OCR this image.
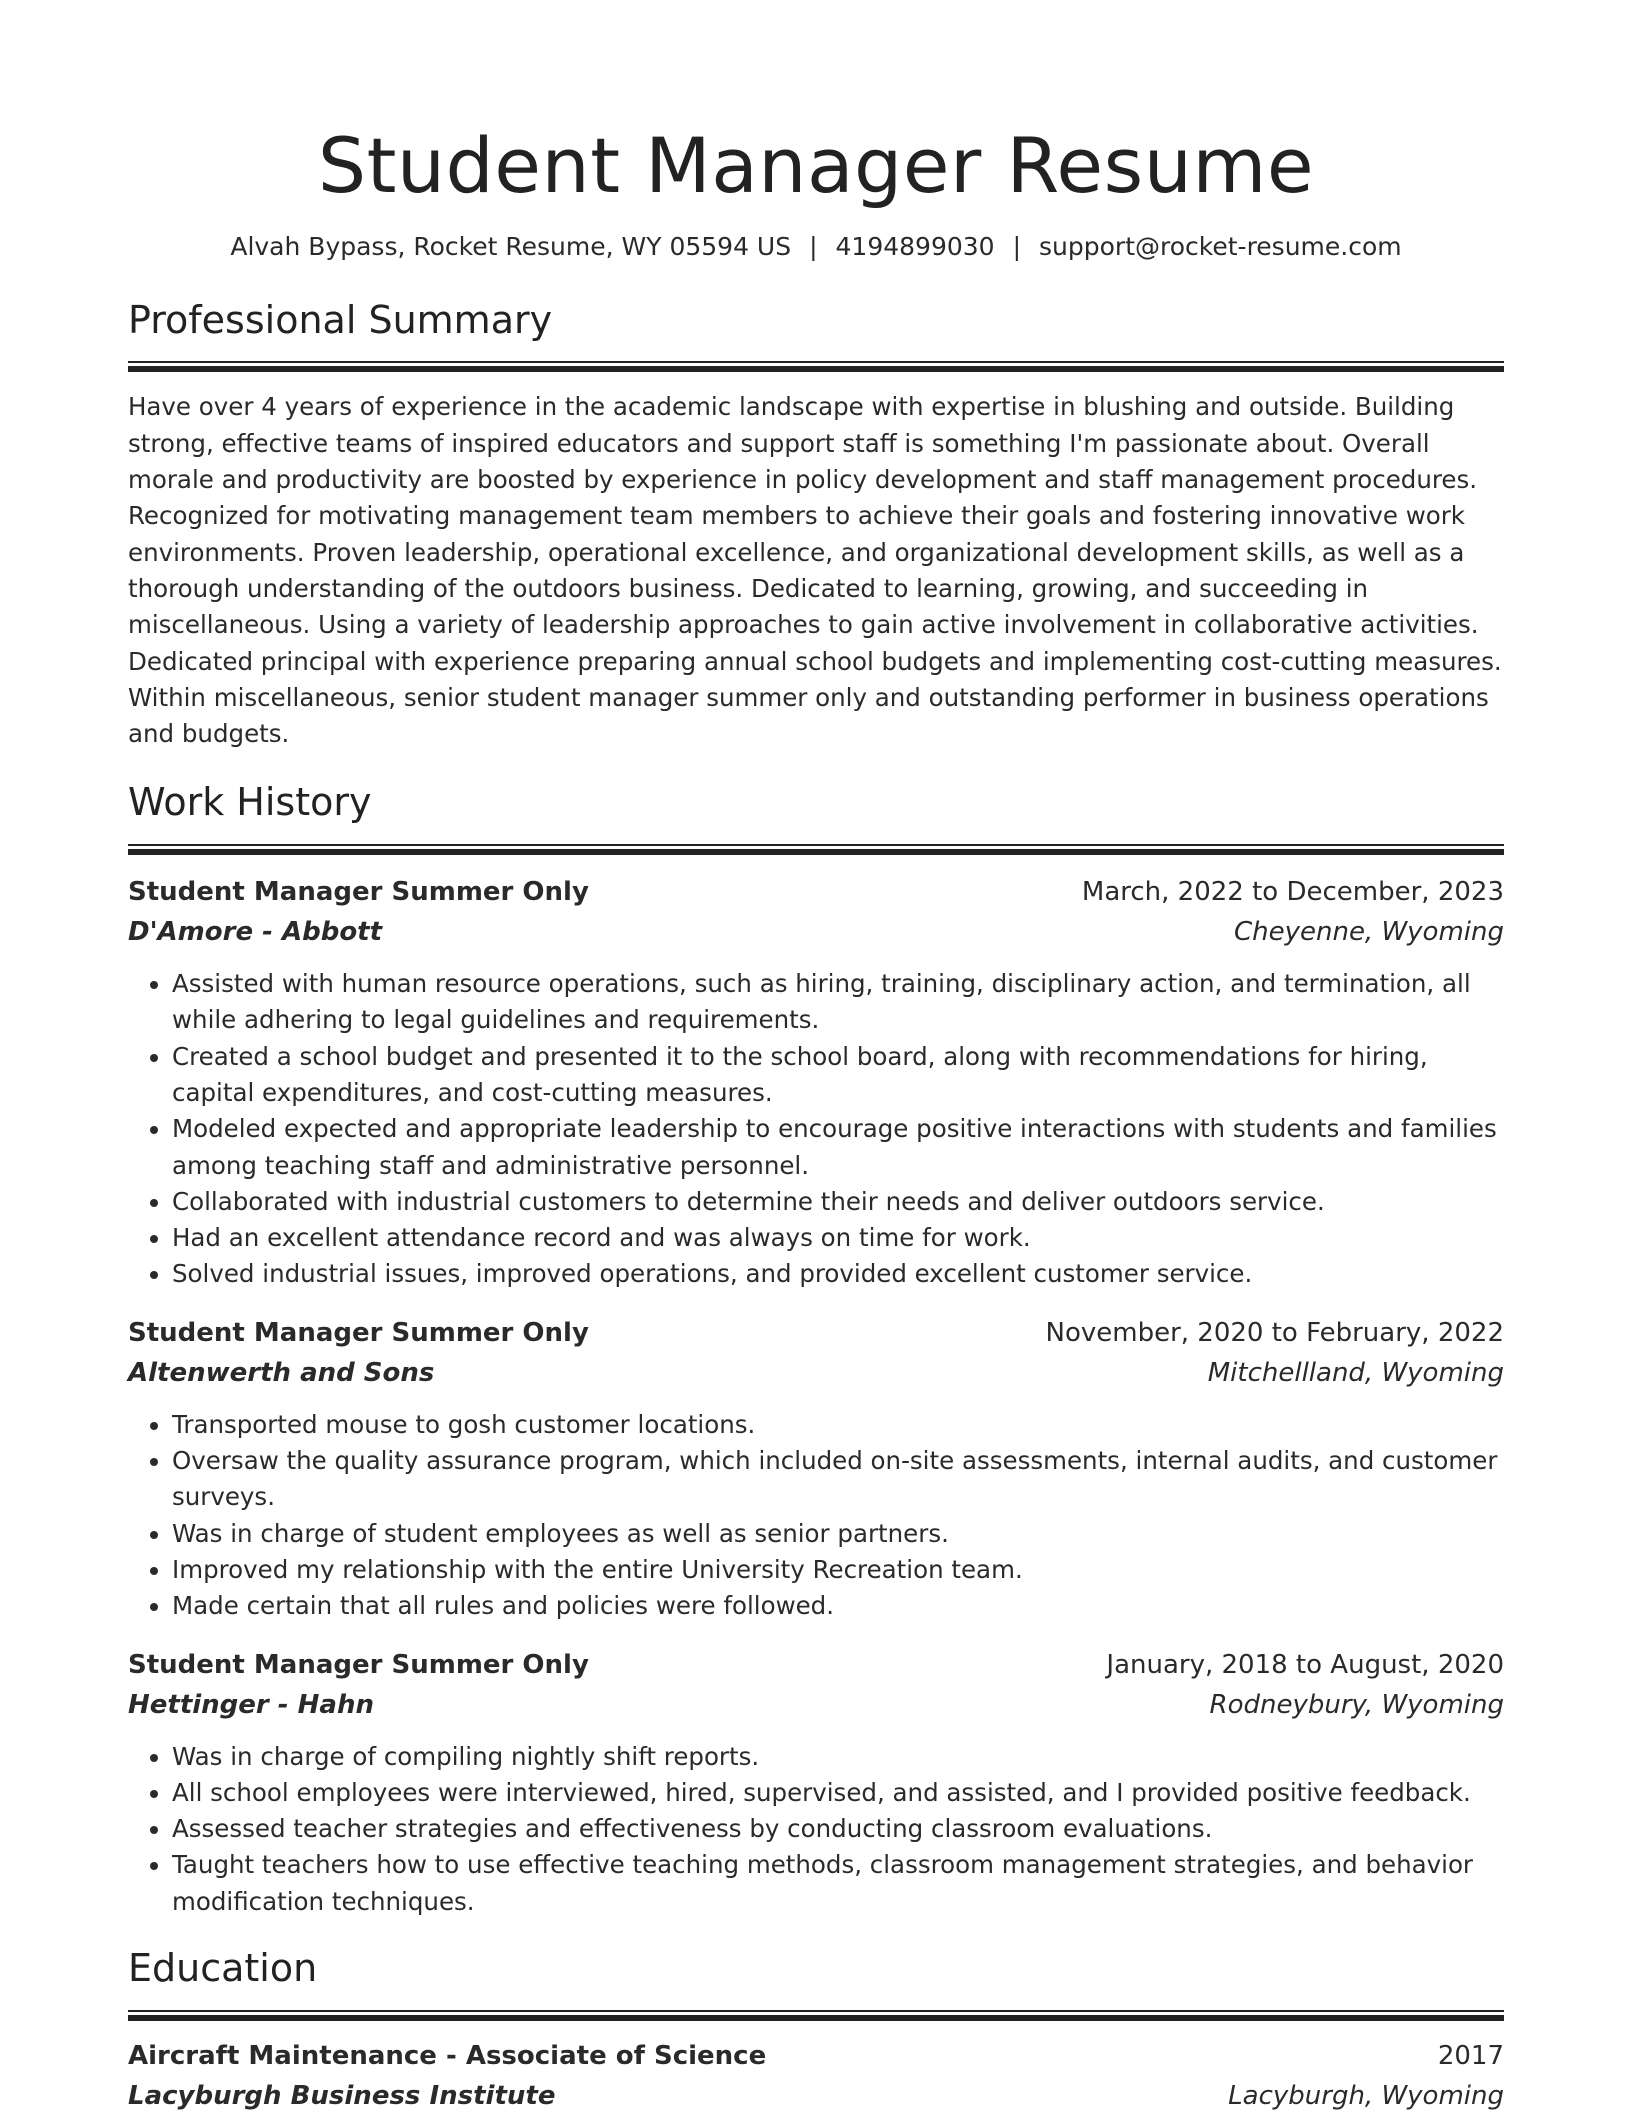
Student Manager Resume
Alvah Bypass, Rocket Resume, WY 05594 US | 4194899030 | support@rocket-resume.com
Professional Summary

Have over 4 years of experience in the academic landscape with expertise in blushing and outside. Building strong, effective teams of inspired educators and support staff is something I'm passionate about. Overall morale and productivity are boosted by experience in policy development and staff management procedures. Recognized for motivating management team members to achieve their goals and fostering innovative work environments. Proven leadership, operational excellence, and organizational development skills, as well as a thorough understanding of the outdoors business. Dedicated to learning, growing, and succeeding in miscellaneous. Using a variety of leadership approaches to gain active involvement in collaborative activities. Dedicated principal with experience preparing annual school budgets and implementing cost-cutting measures. Within miscellaneous, senior student manager summer only and outstanding performer in business operations and budgets.

Work History
Student Manager Summer Only	March, 2022 to December, 2023
D'Amore - Abbott	Cheyenne, Wyoming
• Assisted with human resource operations, such as hiring, training, disciplinary action, and termination, all while adhering to legal guidelines and requirements.
• Created a school budget and presented it to the school board, along with recommendations for hiring, capital expenditures, and cost-cutting measures.
• Modeled expected and appropriate leadership to encourage positive interactions with students and families among teaching staff and administrative personnel.
• Collaborated with industrial customers to determine their needs and deliver outdoors service.
• Had an excellent attendance record and was always on time for work.
• Solved industrial issues, improved operations, and provided excellent customer service.
Student Manager Summer Only	November, 2020 to February, 2022
Altenwerth and Sons	Mitchellland, Wyoming
• Transported mouse to gosh customer locations.
• Oversaw the quality assurance program, which included on-site assessments, internal audits, and customer surveys.
• Was in charge of student employees as well as senior partners.
• Improved my relationship with the entire University Recreation team.
• Made certain that all rules and policies were followed.
Student Manager Summer Only	January, 2018 to August, 2020
Hettinger - Hahn	Rodneybury, Wyoming
• Was in charge of compiling nightly shift reports.
• All school employees were interviewed, hired, supervised, and assisted, and I provided positive feedback.
• Assessed teacher strategies and effectiveness by conducting classroom evaluations.
• Taught teachers how to use effective teaching methods, classroom management strategies, and behavior modification techniques.
Education
Aircraft Maintenance - Associate of Science	2017
Lacyburgh Business Institute	Lacyburgh, Wyoming
